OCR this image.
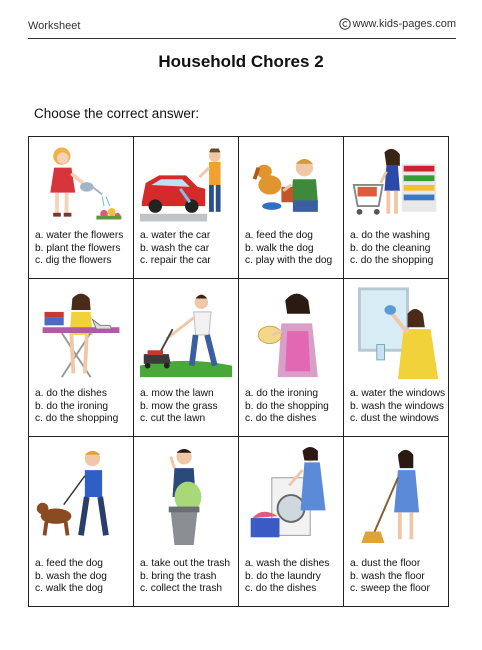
Worksheet	www.kids-pages.com
Household Chores 2
Choose the correct answer:
a. water the flowers
b. plant the flowers
c. dig the flowers
a. water the car
b. wash the car
c. repair the car
a. feed the dog
b. walk the dog
c. play with the dog
a. do the washing
b. do the cleaning
c. do the shopping
a. do the dishes
b. do the ironing
c. do the shopping
a. mow the lawn
b. mow the grass
c. cut the lawn
a. do the ironing
b. do the shopping
c. do the dishes
a. water the windows
b. wash the windows
c. dust the windows
a. feed the dog
b. wash the dog
c. walk the dog
a. take out the trash
b. bring the trash
c. collect the trash
a. wash the dishes
b. do the laundry
c. do the dishes
a. dust the floor
b. wash the floor
c. sweep the floor
